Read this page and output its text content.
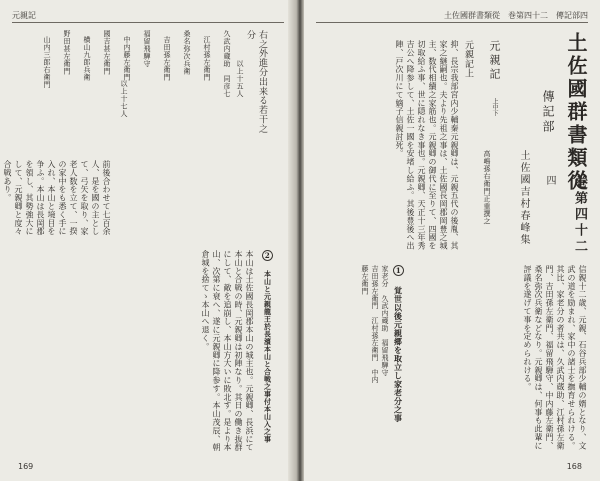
元親記
右之外進分出来る若干之分
以上十五人
久武内蔵助　同彦七
江村孫左衛門
桑名弥次兵衛
吉田孫左衛門
福留飛騨守
中内藤左衛門
國吉甚左衛門
横山九郎兵衛
野田甚左衛門
山内三郎右衛門
以上十七人
2 本山と元親龍王於長濱本山と合戦之事付本山入之事
本山は土佐國長岡郡本山の城主也。元親卿、長浜にて本山と合戦の時、元親卿は初陣なり。其日の働き抜群にして、敵を追崩し、本山方大いに敗北す。是より本山、次第に衰へ、遂に元親卿に降参す。本山茂辰、朝倉城を捨てゝ本山へ退く。
前後合わせて七百余人、是を國の主として、弓矢を取り、家老人数を立て、一揆の家中をも悉く手に入れ、本山と境目を争ふ。本山は長岡郡を領し、其勢強大にして、元親卿と度々合戦あり。
169
土佐國群書類從　巻第四十二　傳記部四
土佐國群書類從
巻第四十二
傳記部
四
土佐國吉村春峰集
元親記 上中下
高嶋孫右衛門正重撰之
元親記上
抑、長宗我部宮内少輔秦元親卿は、元親五代の後胤、其家之継嗣也。夫より先祖之事は、土佐國長岡郡岡豊之城主、数代相續之家筋也。元親卿の御代に至りて、四國を切取給ふ事、世に隠れなき事也。元親卿、天正十三年秀吉公へ降参して、土佐一國を安堵し給ふ。其後豊後へ出陣、戸次川にて嫡子信親討死。
1 覚世以後元親郷を取立し家老分之事	信親十二歳、元親、石谷兵部少輔の婿となり、文武の道を励まれ、家中の諸士を撫育せられける。其比、家老分の者共は、久武内蔵助、江村孫左衛門、吉田孫左衛門、福留飛騨守、中内藤左衛門、桑名弥次兵衛などなり。元親卿は、何事も此輩に評議を遂げて事を定められける。
家老分　久武内蔵助　福留飛騨守　吉田孫左衛門　江村孫左衛門　中内藤左衛門
168
